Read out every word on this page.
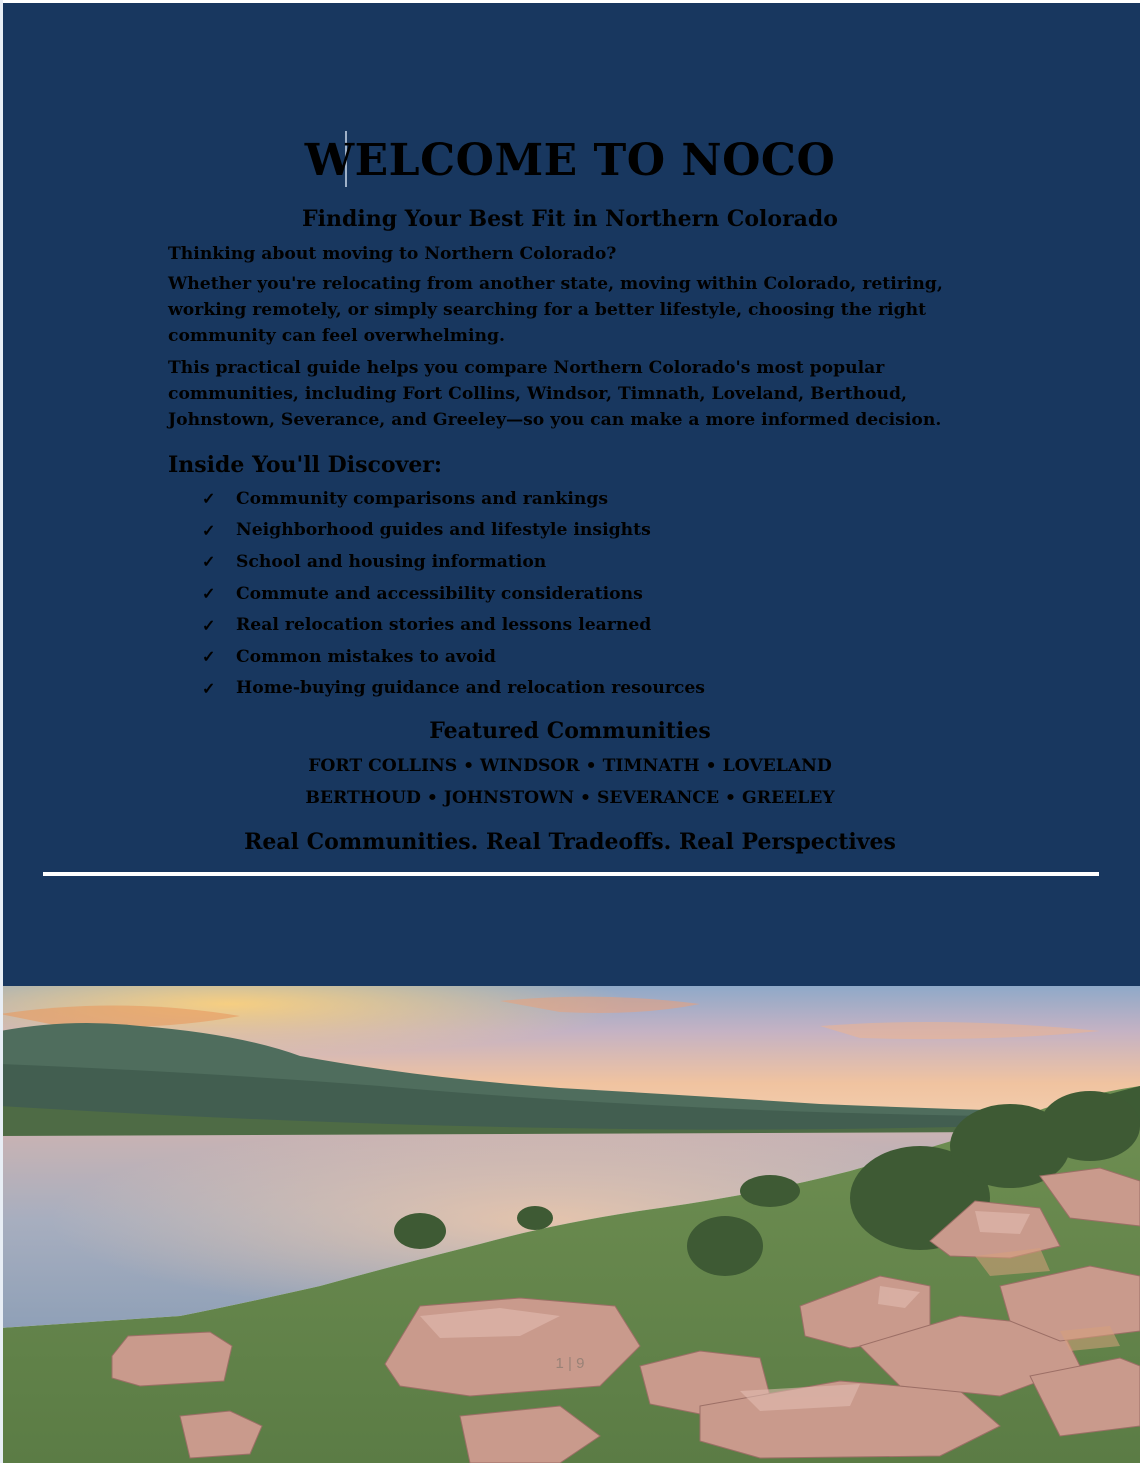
WELCOME TO NOCO
Finding Your Best Fit in Northern Colorado

Thinking about moving to Northern Colorado?

Whether you're relocating from another state, moving within Colorado, retiring, working remotely, or simply searching for a better lifestyle, choosing the right community can feel overwhelming.

This practical guide helps you compare Northern Colorado's most popular communities, including Fort Collins, Windsor, Timnath, Loveland, Berthoud, Johnstown, Severance, and Greeley—so you can make a more informed decision.

Inside You'll Discover:
✓	Community comparisons and rankings
✓	Neighborhood guides and lifestyle insights
✓	School and housing information
✓	Commute and accessibility considerations
✓	Real relocation stories and lessons learned
✓	Common mistakes to avoid
✓	Home-buying guidance and relocation resources
Featured Communities

FORT COLLINS • WINDSOR • TIMNATH • LOVELAND

BERTHOUD • JOHNSTOWN • SEVERANCE • GREELEY

Real Communities. Real Tradeoffs. Real Perspectives

1 | 9
